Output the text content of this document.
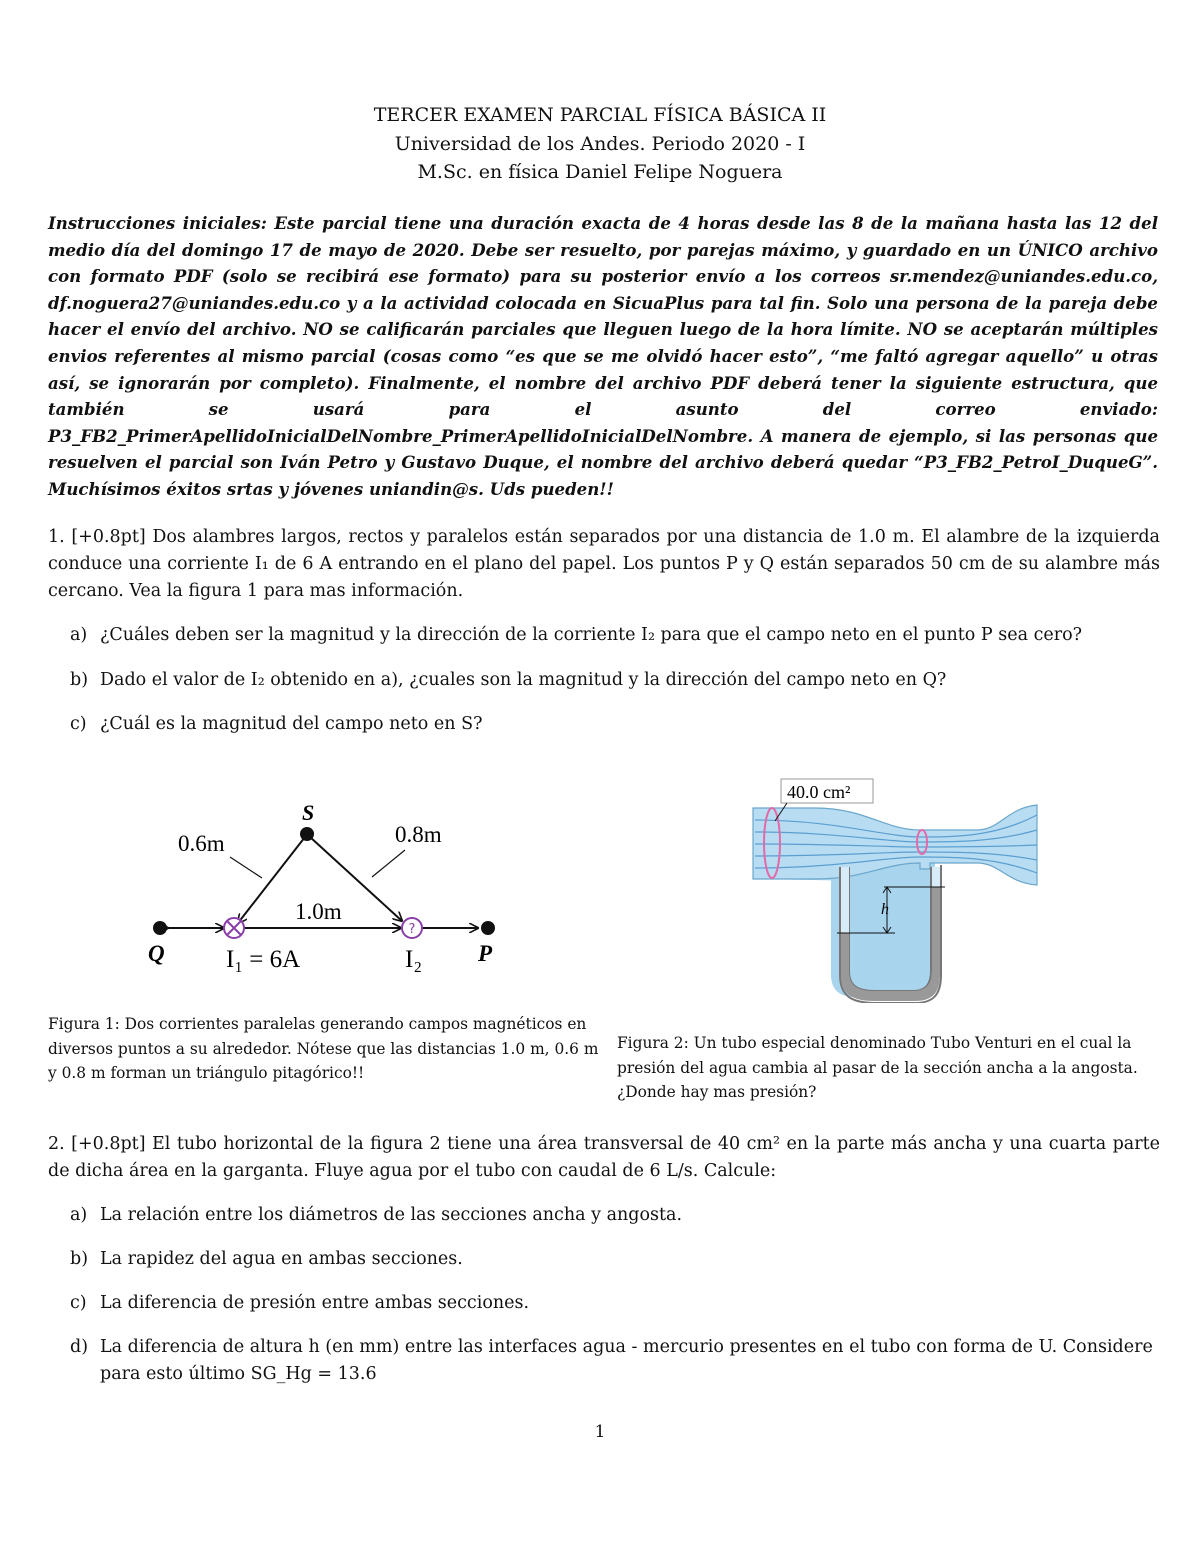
TERCER EXAMEN PARCIAL FÍSICA BÁSICA II
Universidad de los Andes. Periodo 2020 - I
M.Sc. en física Daniel Felipe Noguera
Instrucciones iniciales: Este parcial tiene una duración exacta de 4 horas desde las 8 de la mañana hasta las 12 del medio día del domingo 17 de mayo de 2020. Debe ser resuelto, por parejas máximo, y guardado en un ÚNICO archivo con formato PDF (solo se recibirá ese formato) para su posterior envío a los correos sr.mendez@uniandes.edu.co, df.noguera27@uniandes.edu.co y a la actividad colocada en SicuaPlus para tal fin. Solo una persona de la pareja debe hacer el envío del archivo. NO se calificarán parciales que lleguen luego de la hora límite. NO se aceptarán múltiples envios referentes al mismo parcial (cosas como “es que se me olvidó hacer esto”, “me faltó agregar aquello” u otras así, se ignorarán por completo). Finalmente, el nombre del archivo PDF deberá tener la siguiente estructura, que también se usará para el asunto del correo enviado: P3_FB2_PrimerApellidoInicialDelNombre_PrimerApellidoInicialDelNombre. A manera de ejemplo, si las personas que resuelven el parcial son Iván Petro y Gustavo Duque, el nombre del archivo deberá quedar “P3_FB2_PetroI_DuqueG”. Muchísimos éxitos srtas y jóvenes uniandin@s. Uds pueden!!
1. [+0.8pt] Dos alambres largos, rectos y paralelos están separados por una distancia de 1.0 m. El alambre de la izquierda conduce una corriente I₁ de 6 A entrando en el plano del papel. Los puntos P y Q están separados 50 cm de su alambre más cercano. Vea la figura 1 para mas información.
a) ¿Cuáles deben ser la magnitud y la dirección de la corriente I₂ para que el campo neto en el punto P sea cero?
b) Dado el valor de I₂ obtenido en a), ¿cuales son la magnitud y la dirección del campo neto en Q?
c) ¿Cuál es la magnitud del campo neto en S?
?
S
0.6m	0.8m
1.0m
Q	P
I₁ = 6A	I₂
Figura 1: Dos corrientes paralelas generando campos magnéticos en diversos puntos a su alrededor. Nótese que las distancias 1.0 m, 0.6 m y 0.8 m forman un triángulo pitagórico!!
h
40.0 cm²
Figura 2: Un tubo especial denominado Tubo Venturi en el cual la presión del agua cambia al pasar de la sección ancha a la angosta. ¿Donde hay mas presión?
2. [+0.8pt] El tubo horizontal de la figura 2 tiene una área transversal de 40 cm² en la parte más ancha y una cuarta parte de dicha área en la garganta. Fluye agua por el tubo con caudal de 6 L/s. Calcule:
a) La relación entre los diámetros de las secciones ancha y angosta.
b) La rapidez del agua en ambas secciones.
c) La diferencia de presión entre ambas secciones.
d) La diferencia de altura h (en mm) entre las interfaces agua - mercurio presentes en el tubo con forma de U. Considere para esto último SG_Hg = 13.6
1
